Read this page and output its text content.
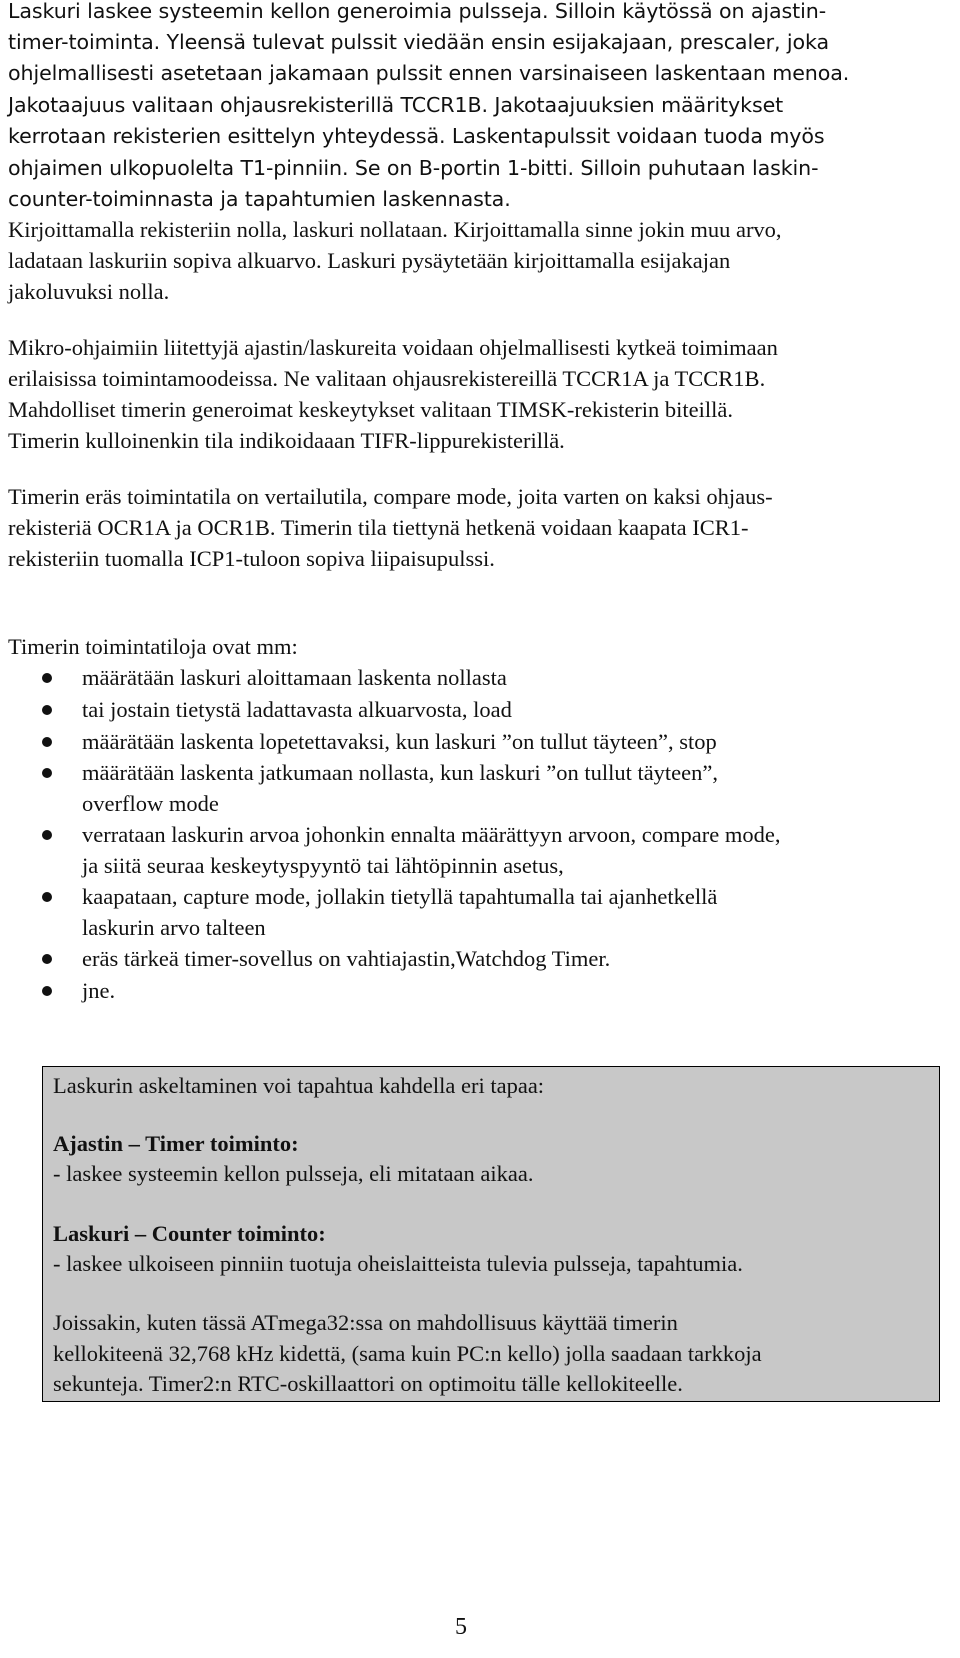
Laskuri laskee systeemin kellon generoimia pulsseja. Silloin käytössä on ajastin-
timer-toiminta. Yleensä tulevat pulssit viedään ensin esijakajaan, prescaler, joka
ohjelmallisesti asetetaan jakamaan pulssit ennen varsinaiseen laskentaan menoa.
Jakotaajuus valitaan ohjausrekisterillä TCCR1B. Jakotaajuuksien määritykset
kerrotaan rekisterien esittelyn yhteydessä. Laskentapulssit voidaan tuoda myös
ohjaimen ulkopuolelta T1-pinniin. Se on B-portin 1-bitti. Silloin puhutaan laskin-
counter-toiminnasta ja tapahtumien laskennasta.
Kirjoittamalla rekisteriin nolla, laskuri nollataan. Kirjoittamalla sinne jokin muu arvo,
ladataan laskuriin sopiva alkuarvo. Laskuri pysäytetään kirjoittamalla esijakajan
jakoluvuksi nolla.
Mikro-ohjaimiin liitettyjä ajastin/laskureita voidaan ohjelmallisesti kytkeä toimimaan
erilaisissa toimintamoodeissa. Ne valitaan ohjausrekistereillä TCCR1A ja TCCR1B.
Mahdolliset timerin generoimat keskeytykset valitaan TIMSK-rekisterin biteillä.
Timerin kulloinenkin tila indikoidaaan TIFR-lippurekisterillä.
Timerin eräs toimintatila on vertailutila, compare mode, joita varten on kaksi ohjaus-
rekisteriä OCR1A ja OCR1B. Timerin tila tiettynä hetkenä voidaan kaapata ICR1-
rekisteriin tuomalla ICP1-tuloon sopiva liipaisupulssi.
Timerin toimintatiloja ovat mm:
määrätään laskuri aloittamaan laskenta nollasta
tai jostain tietystä ladattavasta alkuarvosta, load
määrätään laskenta lopetettavaksi, kun laskuri ”on tullut täyteen”, stop
määrätään laskenta jatkumaan nollasta, kun laskuri ”on tullut täyteen”,
overflow mode
verrataan laskurin arvoa johonkin ennalta määrättyyn arvoon, compare mode,
ja siitä seuraa keskeytyspyyntö tai lähtöpinnin asetus,
kaapataan, capture mode, jollakin tietyllä tapahtumalla tai ajanhetkellä
laskurin arvo talteen
eräs tärkeä timer-sovellus on vahtiajastin,Watchdog Timer.
jne.
Laskurin askeltaminen voi tapahtua kahdella eri tapaa:
Ajastin – Timer toiminto:
- laskee systeemin kellon pulsseja, eli mitataan aikaa.
Laskuri – Counter toiminto:
- laskee ulkoiseen pinniin tuotuja oheislaitteista tulevia pulsseja, tapahtumia.
Joissakin, kuten tässä ATmega32:ssa on mahdollisuus käyttää timerin
kellokiteenä 32,768 kHz kidettä, (sama kuin PC:n kello) jolla saadaan tarkkoja
sekunteja. Timer2:n RTC-oskillaattori on optimoitu tälle kellokiteelle.
5
